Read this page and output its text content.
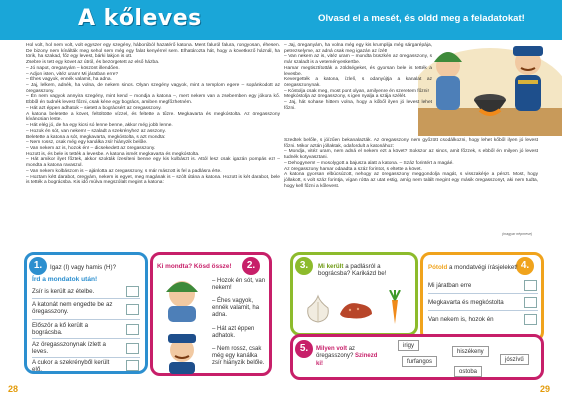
A kőleves	Olvasd el a mesét, és oldd meg a feladatokat!

Hol volt, hol nem volt, volt egyszer egy szegény, háborúból hazatérő katona. Ment faluról falura, rongyosan, éhesen. De bizony nem kínálták meg sehol sem még egy falat kenyérrel sem. Elhatározta hát, hogy a következő háznál, ha törik, ha szakad, főz egy levest, bárki lakjon is ott.

Zsebre is tett egy követ az útról, és bezörgetett az első házba.

– Jó napot, öreganyám – köszönt illendően.

– Adjon isten, vitéz uram! Mi járatban erre?

– Éhes vagyok, ennék valamit, ha adna.

– Jaj, lelkem, adnék, ha volna, de nekem sincs. Olyan szegény vagyok, mint a templom egere – sopánkodott az öregasszony.

– Én nem vagyok annyira szegény, mint kend – mondja a katona –, mert nekem van a zsebemben egy jókora kő. Ebből én tudnék levest főzni, csak kéne egy bogrács, amiben megfőzhetném.

– Hát azt éppen adhatok – sietett a bográcsért az öregasszony.

A katona beletette a követ, feltöltötte vízzel, és feltette a tűzre. Megkavarta és megkóstolta. Az öregasszony kíváncsian leste.

– Hát elég jó, de ha egy kicsi só lenne benne, akkor még jobb lenne.

– Hozok én sót, van nekem! – szaladt a szekrényhez az asszony.

Beletette a katona a sót, megkavarta, megkóstolta, s azt mondta:

– Nem rossz, csak még egy kanálka zsír hiányzik belőle.

– Van nekem az is, hozok én! – dicsekedett az öregasszony.

Hozott is, és bele is tették a levesbe. A katona ismét megkavarta és megkóstolta.

– Hát amikor ilyet főztek, akkor szokták ízesíteni benne egy kis kolbászt is. Attól lesz csak igazán pompás ez! – mondta a katona ravaszul.

– Van nekem kolbászom is – ajánlotta az öregasszony, s már mászott is fel a padlásra érte.

– Hoztam kétt darabot, öregyám, nekem is egyet, meg magának is – szólt útána a katona. Hozott is két darabot, bele is tették a bográcsba. Kis idő múlva megszólalt megint a katona:

– Jaj, öreganyám, ha volna még egy kis krumplija még sárgarépája, petrezselyme, az adná csak meg igazán az ízét!

– Van nekem az is, vitéz uram – mondta büszkén az öregasszony, s már szaladt is a veteményeskertbe.

Hamar megtisztították a zöldségeket, és gyorsan bele is tették a levesbe.

Kevergették a katona, ízlelí, s odanyújtja a kanalat az öregasszonynak.

– Kóstolja csak meg, most pont olyan, amilyenre én szeretem főzni!

Megkóstolja az öregasszony, s igen nyalja a szája szélét.

– Jaj, hát sohase hittem volna, hogy a kőből ilyen jó levest lehet főzni.

Szedtek belőle, s jóízűen bekanalazták. Az öregasszony nem győzött csodálkozni, hogy lehet kőből ilyen jó levest főzni. Mikor aztán jóllaktak, odafordult a katonához:

– Mondja, vitéz uram, nem adná el nekem ezt a követ? Sokszor az sincs, amit főzzek, s ebből én milyen jó levest tudnék kotyvasztani.

– Dehogynem! – mosolygott a bajusza alatt a katona. – Száz forintért a magáé.

Az öregasszony hamar odaadta a száz forintot, s eltette a követ.

A katona gyorsan elbúcsúzott, nehogy az öregasszony meggondolja magát, s visszakérje a pénzt. Most, hogy jóllakott, s volt száz forintja, vígan rótta az utat estig, amíg nem talált megint egy másik öregasszonyt, aki nem tudta, hogy kell főzni a kőlevest.

(magyar népmese)
1.	2.	3.	4.
5.
Igaz (I) vagy hamis (H)?
Írd a mondatok után!
Zsír is került az ételbe.
A katonát nem engedte be az öregasszony.
Először a kő került a bográcsba.
Az öregasszonynak ízlett a leves.
A cukor a szekrényből került elő.
Ki mondta? Kösd össze!
– Hozok én sót, van nekem!
– Éhes vagyok, ennék valamit, ha adna.
– Hát azt éppen adhatok.
– Nem rossz, csak még egy kanálka zsír hiányzik belőle.
Mi került a padlásról a bográcsba? Karikázd be!
Pótold a mondatvégi írásjeleket!
Mi járatban erre
Megkavarta és megkóstolta
Van nekem is, hozok én
Milyen volt az öregasszony? Szinezd ki!
irigy
hiszékeny
furfangos	jószívű
ostoba
28	29
